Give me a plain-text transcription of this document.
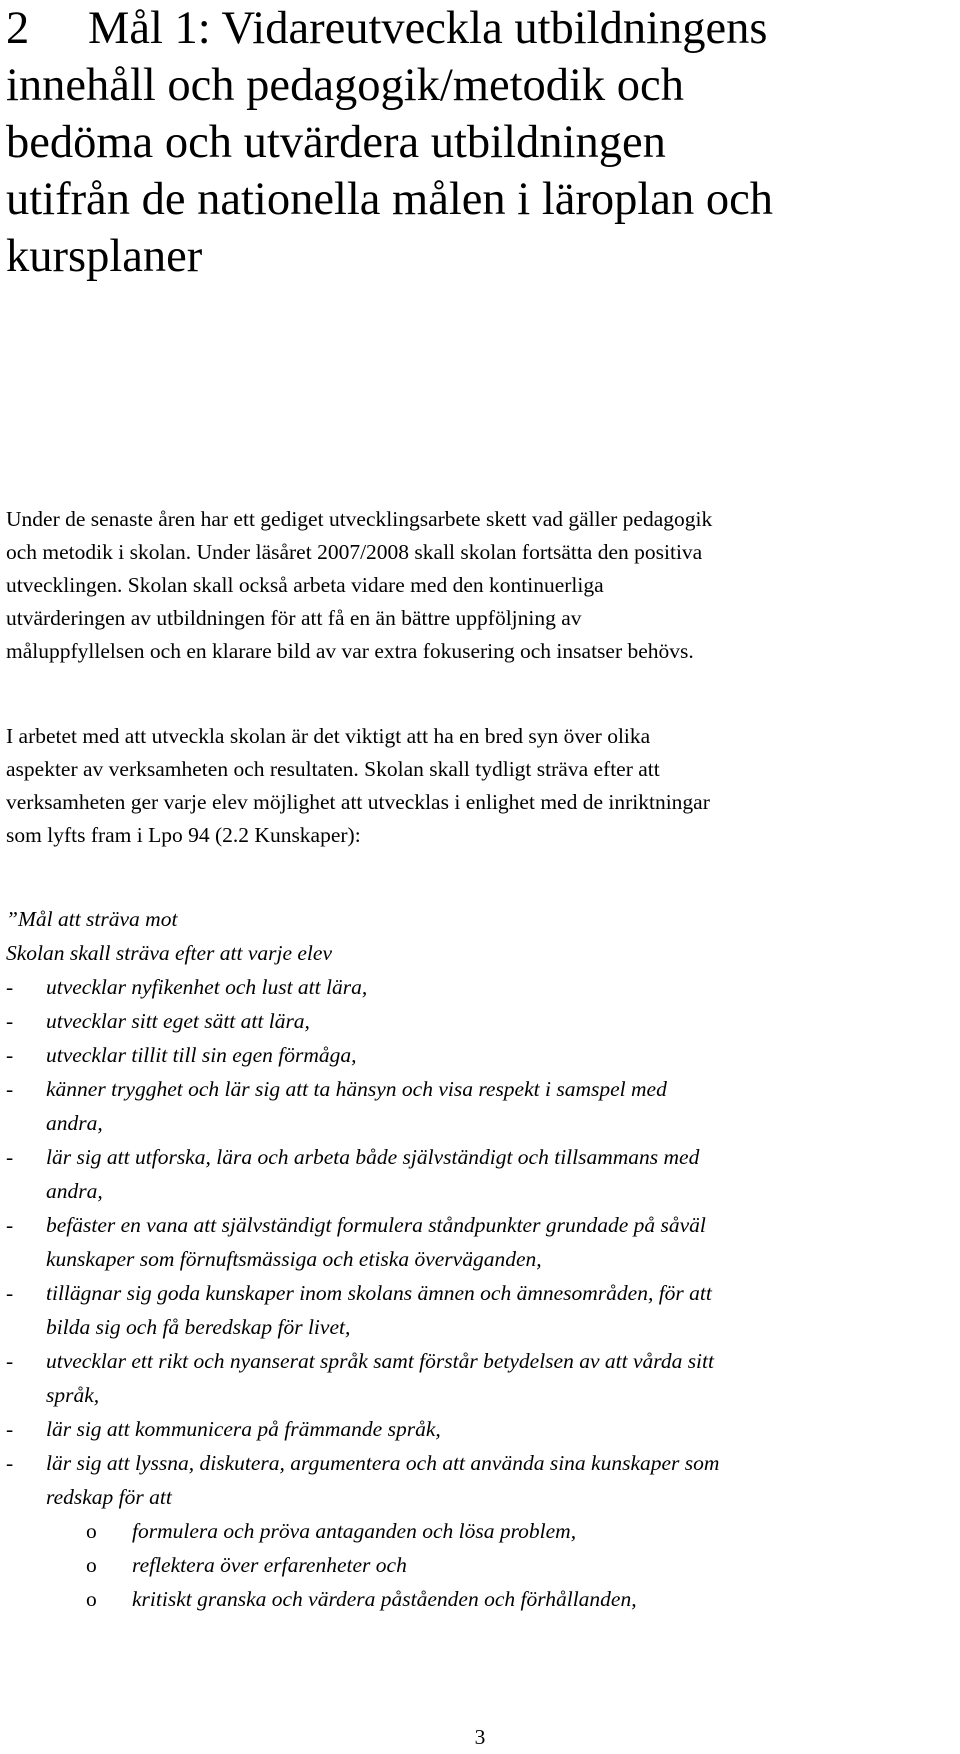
2 Mål 1: Vidareutveckla utbildningens
innehåll och pedagogik/metodik och
bedöma och utvärdera utbildningen
utifrån de nationella målen i läroplan och
kursplaner

Under de senaste åren har ett gediget utvecklingsarbete skett vad gäller pedagogik
och metodik i skolan. Under läsåret 2007/2008 skall skolan fortsätta den positiva
utvecklingen. Skolan skall också arbeta vidare med den kontinuerliga
utvärderingen av utbildningen för att få en än bättre uppföljning av
måluppfyllelsen och en klarare bild av var extra fokusering och insatser behövs.

I arbetet med att utveckla skolan är det viktigt att ha en bred syn över olika
aspekter av verksamheten och resultaten. Skolan skall tydligt sträva efter att
verksamheten ger varje elev möjlighet att utvecklas i enlighet med de inriktningar
som lyfts fram i Lpo 94 (2.2 Kunskaper):

”Mål att sträva mot
Skolan skall sträva efter att varje elev
- utvecklar nyfikenhet och lust att lära,
- utvecklar sitt eget sätt att lära,
- utvecklar tillit till sin egen förmåga,
- känner trygghet och lär sig att ta hänsyn och visa respekt i samspel med
andra,
- lär sig att utforska, lära och arbeta både självständigt och tillsammans med
andra,
- befäster en vana att självständigt formulera ståndpunkter grundade på såväl
kunskaper som förnuftsmässiga och etiska överväganden,
- tillägnar sig goda kunskaper inom skolans ämnen och ämnesområden, för att
bilda sig och få beredskap för livet,
- utvecklar ett rikt och nyanserat språk samt förstår betydelsen av att vårda sitt
språk,
- lär sig att kommunicera på främmande språk,
- lär sig att lyssna, diskutera, argumentera och att använda sina kunskaper som
redskap för att
o formulera och pröva antaganden och lösa problem,
o reflektera över erfarenheter och
o kritiskt granska och värdera påståenden och förhållanden,
3
